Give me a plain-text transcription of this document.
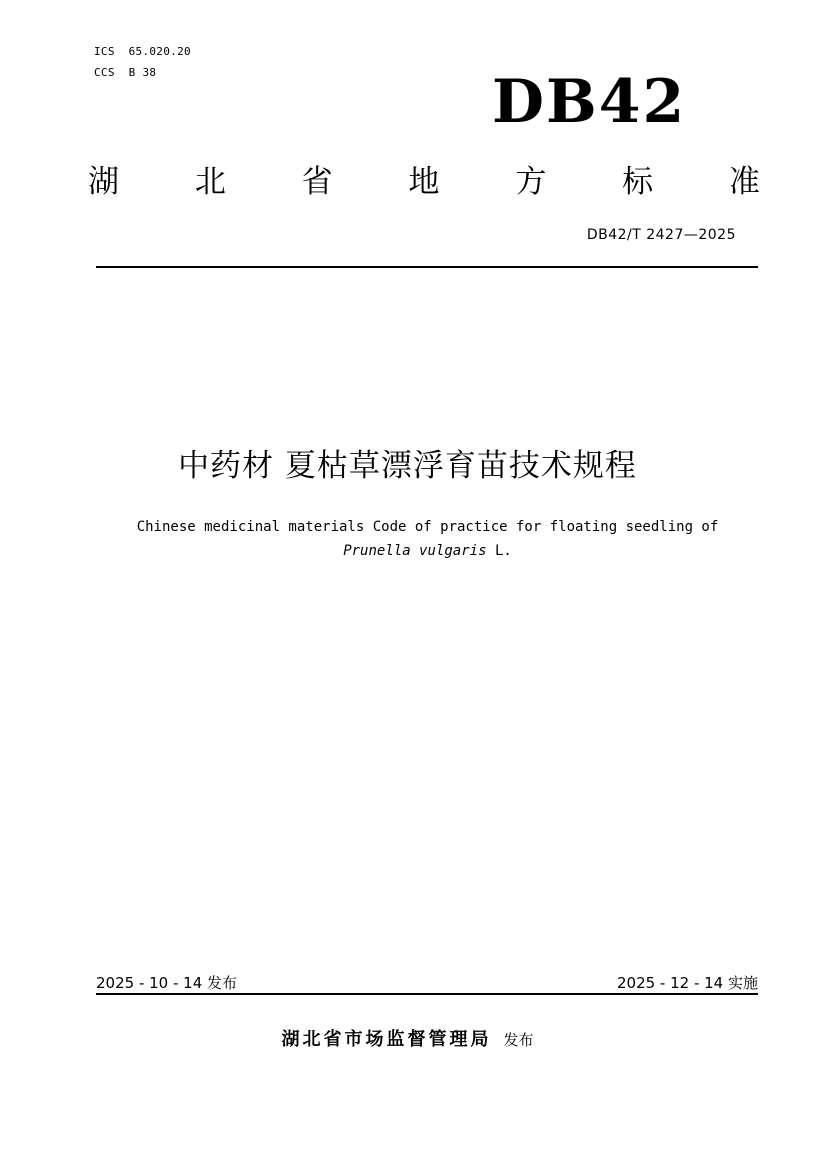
ICS  65.020.20
CCS  B 38	DB42
湖 北 省 地 方 标 准
DB42/T 2427—2025
中药材 夏枯草漂浮育苗技术规程
Chinese medicinal materials Code of practice for floating seedling of
Prunella vulgaris L.
2025 - 10 - 14 发布	2025 - 12 - 14 实施
湖北省市场监督管理局 发布
